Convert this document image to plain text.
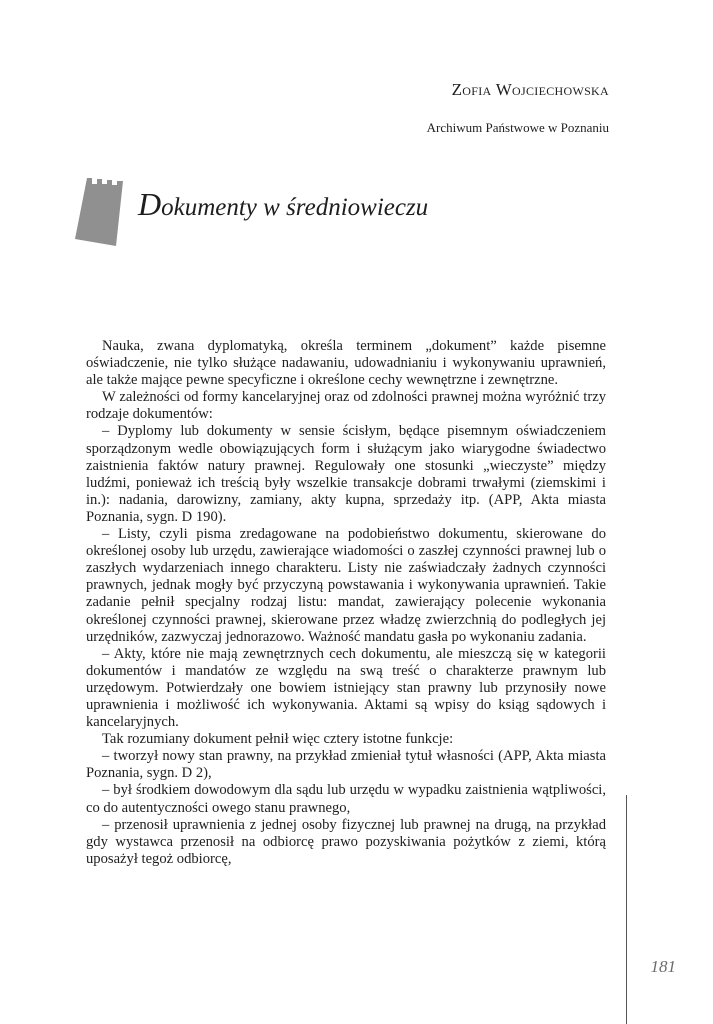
Zofia Wojciechowska
Archiwum Państwowe w Poznaniu
Dokumenty w średniowieczu

Nauka, zwana dyplomatyką, określa terminem „dokument” każde pisemne oświadczenie, nie tylko służące nadawaniu, udowadnianiu i wykonywaniu uprawnień, ale także mające pewne specyficzne i określone cechy wewnętrzne i zewnętrzne.

W zależności od formy kancelaryjnej oraz od zdolności prawnej można wyróżnić trzy rodzaje dokumentów:

– Dyplomy lub dokumenty w sensie ścisłym, będące pisemnym oświadczeniem sporządzonym wedle obowiązujących form i służącym jako wiarygodne świadectwo zaistnienia faktów natury prawnej. Regulowały one stosunki „wieczyste” między ludźmi, ponieważ ich treścią były wszelkie transakcje dobrami trwałymi (ziemskimi i in.): nadania, darowizny, zamiany, akty kupna, sprzedaży itp. (APP, Akta miasta Poznania, sygn. D 190).

– Listy, czyli pisma zredagowane na podobieństwo dokumentu, skierowane do określonej osoby lub urzędu, zawierające wiadomości o zaszłej czynności prawnej lub o zaszłych wydarzeniach innego charakteru. Listy nie zaświadczały żadnych czynności prawnych, jednak mogły być przyczyną powstawania i wykonywania uprawnień. Takie zadanie pełnił specjalny rodzaj listu: mandat, zawierający polecenie wykonania określonej czynności prawnej, skierowane przez władzę zwierzchnią do podległych jej urzędników, zazwyczaj jednorazowo. Ważność mandatu gasła po wykonaniu zadania.

– Akty, które nie mają zewnętrznych cech dokumentu, ale mieszczą się w kategorii dokumentów i mandatów ze względu na swą treść o charakterze prawnym lub urzędowym. Potwierdzały one bowiem istniejący stan prawny lub przynosiły nowe uprawnienia i możliwość ich wykonywania. Aktami są wpisy do ksiąg sądowych i kancelaryjnych.

Tak rozumiany dokument pełnił więc cztery istotne funkcje:

– tworzył nowy stan prawny, na przykład zmieniał tytuł własności (APP, Akta miasta Poznania, sygn. D 2),

– był środkiem dowodowym dla sądu lub urzędu w wypadku zaistnienia wątpliwości, co do autentyczności owego stanu prawnego,

– przenosił uprawnienia z jednej osoby fizycznej lub prawnej na drugą, na przykład gdy wystawca przenosił na odbiorcę prawo pozyskiwania pożytków z ziemi, którą uposażył tegoż odbiorcę,

181
